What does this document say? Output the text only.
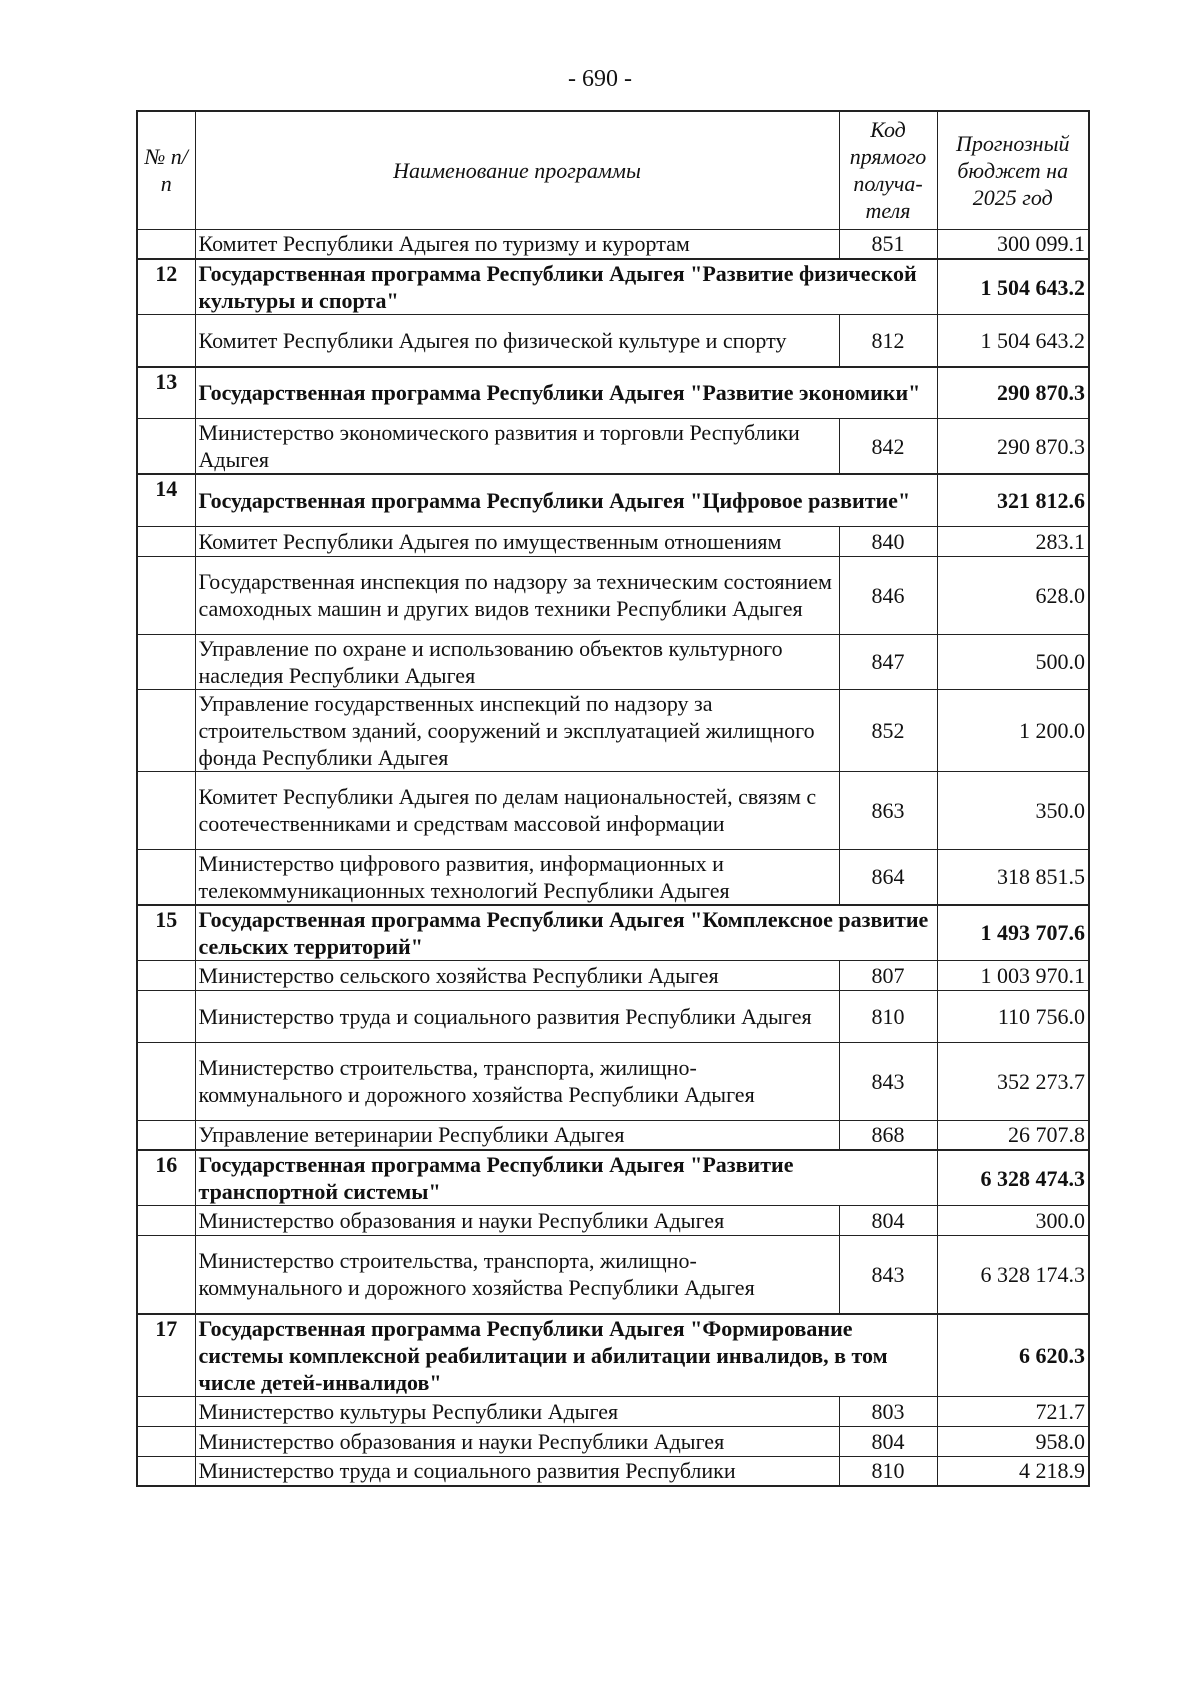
- 690 -
№ п/п	Наименование программы	Код прямого получа-теля	Прогнозный бюджет на 2025 год
	Комитет Республики Адыгея по туризму и курортам	851	300 099.1
12	Государственная программа Республики Адыгея "Развитие физической культуры и спорта"		1 504 643.2
	Комитет Республики Адыгея по физической культуре и спорту	812	1 504 643.2
13	Государственная программа Республики Адыгея "Развитие экономики"		290 870.3
	Министерство экономического развития и торговли Республики Адыгея	842	290 870.3
14	Государственная программа Республики Адыгея "Цифровое развитие"		321 812.6
	Комитет Республики Адыгея по имущественным отношениям	840	283.1
	Государственная инспекция по надзору за техническим состоянием самоходных машин и других видов техники Республики Адыгея	846	628.0
	Управление по охране и использованию объектов культурного наследия Республики Адыгея	847	500.0
	Управление государственных инспекций по надзору за строительством зданий, сооружений и эксплуатацией жилищного фонда Республики Адыгея	852	1 200.0
	Комитет Республики Адыгея по делам национальностей, связям с соотечественниками и средствам массовой информации	863	350.0
	Министерство цифрового развития, информационных и телекоммуникационных технологий Республики Адыгея	864	318 851.5
15	Государственная программа Республики Адыгея "Комплексное развитие сельских территорий"		1 493 707.6
	Министерство сельского хозяйства Республики Адыгея	807	1 003 970.1
	Министерство труда и социального развития Республики Адыгея	810	110 756.0
	Министерство строительства, транспорта, жилищно-коммунального и дорожного хозяйства Республики Адыгея	843	352 273.7
	Управление ветеринарии Республики Адыгея	868	26 707.8
16	Государственная программа Республики Адыгея "Развитие транспортной системы"		6 328 474.3
	Министерство образования и науки Республики Адыгея	804	300.0
	Министерство строительства, транспорта, жилищно-коммунального и дорожного хозяйства Республики Адыгея	843	6 328 174.3
17	Государственная программа Республики Адыгея "Формирование системы комплексной реабилитации и абилитации инвалидов, в том числе детей-инвалидов"		6 620.3
	Министерство культуры Республики Адыгея	803	721.7
	Министерство образования и науки Республики Адыгея	804	958.0
	Министерство труда и социального развития Республики	810	4 218.9
